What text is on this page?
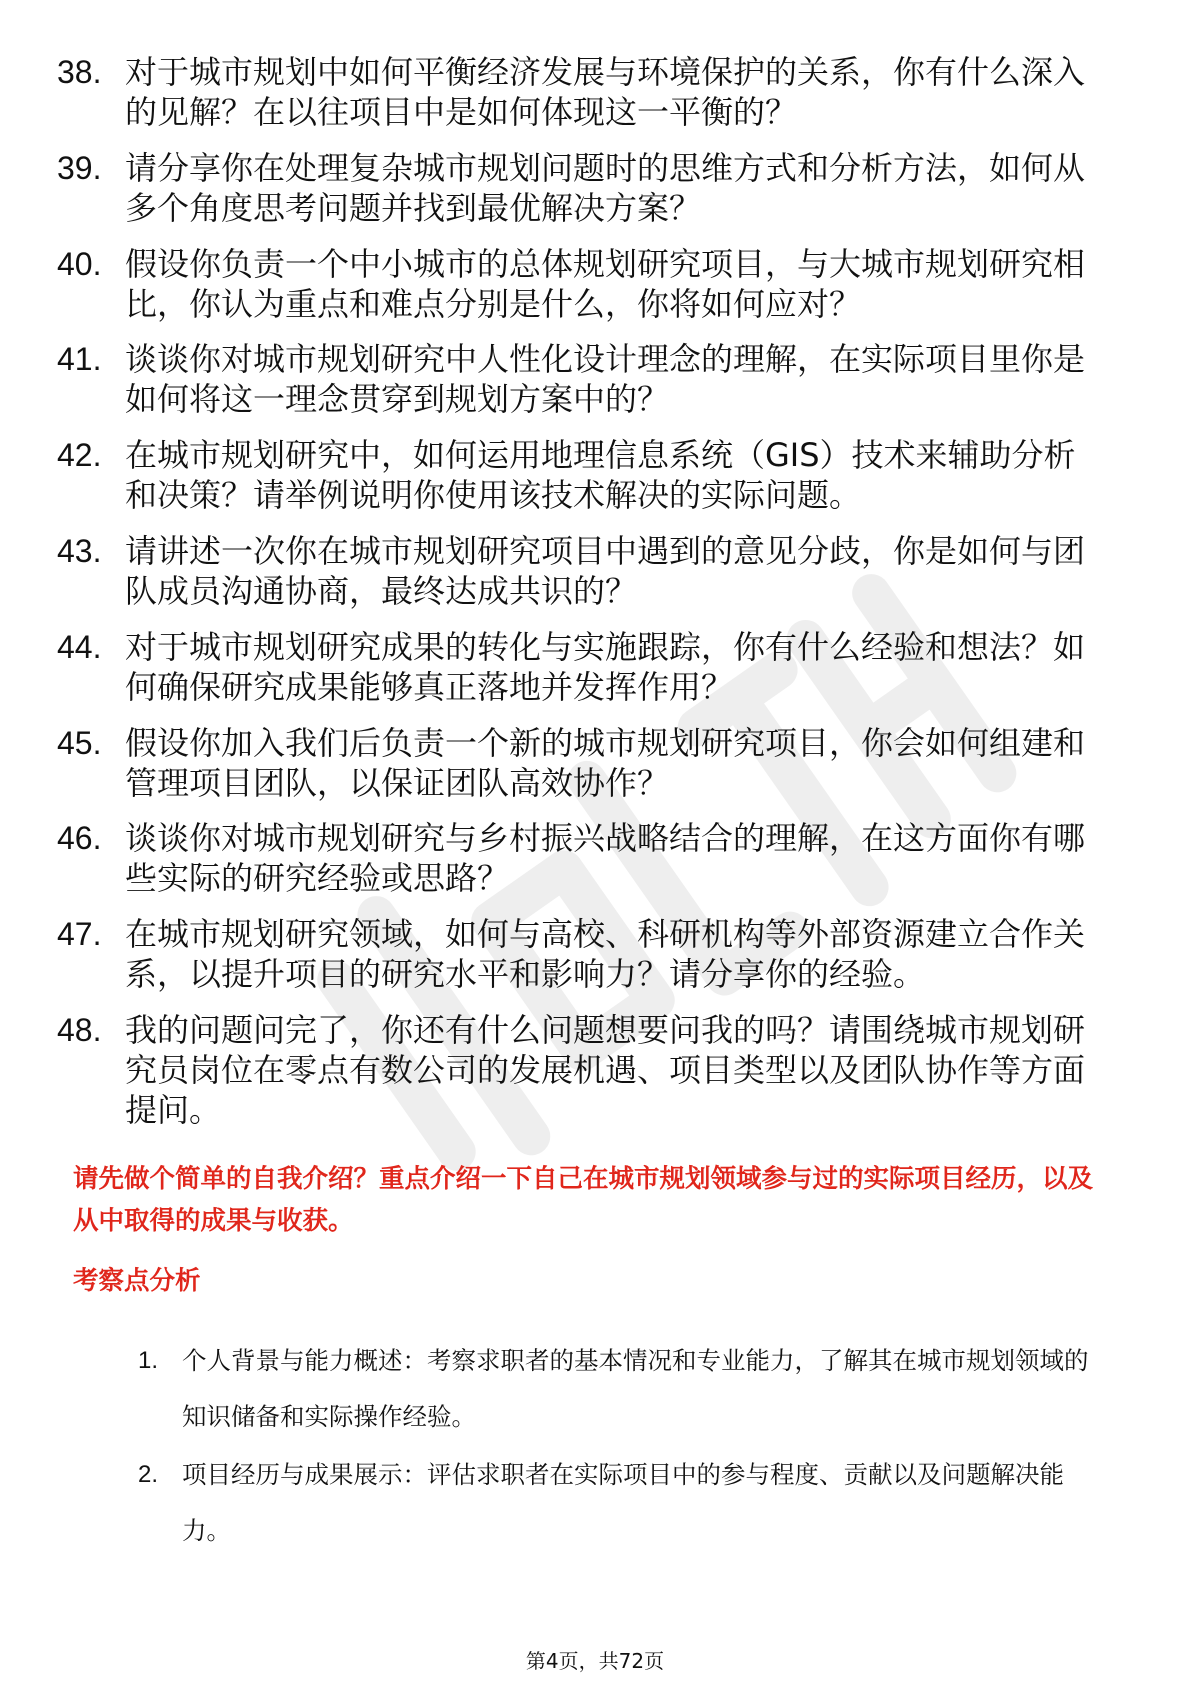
38. 对于城市规划中如何平衡经济发展与环境保护的关系，你有什么深入的见解？在以往项目中是如何体现这一平衡的？
39. 请分享你在处理复杂城市规划问题时的思维方式和分析方法，如何从多个角度思考问题并找到最优解决方案？
40. 假设你负责一个中小城市的总体规划研究项目，与大城市规划研究相比，你认为重点和难点分别是什么，你将如何应对？
41. 谈谈你对城市规划研究中人性化设计理念的理解，在实际项目里你是如何将这一理念贯穿到规划方案中的？
42. 在城市规划研究中，如何运用地理信息系统（GIS）技术来辅助分析和决策？请举例说明你使用该技术解决的实际问题。
43. 请讲述一次你在城市规划研究项目中遇到的意见分歧，你是如何与团队成员沟通协商，最终达成共识的？
44. 对于城市规划研究成果的转化与实施跟踪，你有什么经验和想法？如何确保研究成果能够真正落地并发挥作用？
45. 假设你加入我们后负责一个新的城市规划研究项目，你会如何组建和管理项目团队，以保证团队高效协作？
46. 谈谈你对城市规划研究与乡村振兴战略结合的理解，在这方面你有哪些实际的研究经验或思路？
47. 在城市规划研究领域，如何与高校、科研机构等外部资源建立合作关系，以提升项目的研究水平和影响力？请分享你的经验。
48. 我的问题问完了，你还有什么问题想要问我的吗？请围绕城市规划研究员岗位在零点有数公司的发展机遇、项目类型以及团队协作等方面提问。
请先做个简单的自我介绍？重点介绍一下自己在城市规划领域参与过的实际项目经历，以及从中取得的成果与收获。
考察点分析
1. 个人背景与能力概述：考察求职者的基本情况和专业能力，了解其在城市规划领域的知识储备和实际操作经验。
2. 项目经历与成果展示：评估求职者在实际项目中的参与程度、贡献以及问题解决能力。
第4页，共72页
